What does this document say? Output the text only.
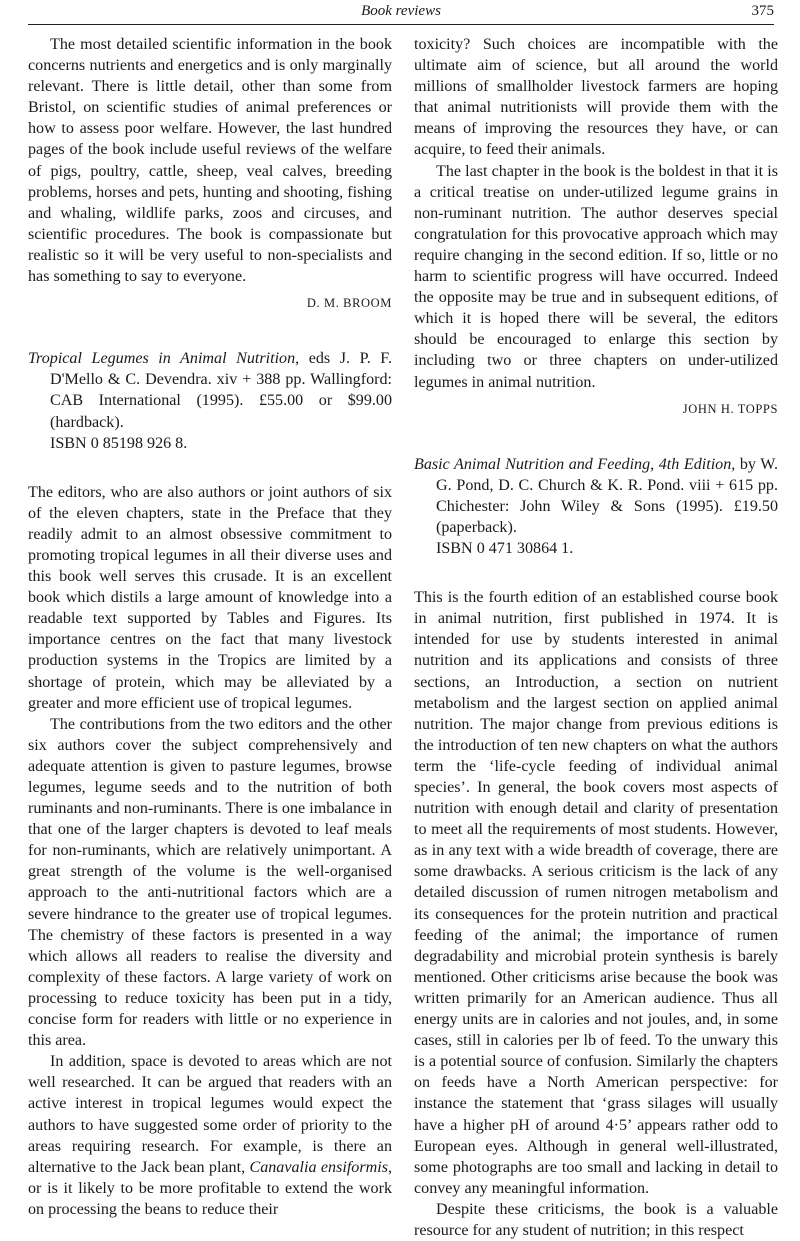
Book reviews	375

The most detailed scientific information in the book concerns nutrients and energetics and is only marginally relevant. There is little detail, other than some from Bristol, on scientific studies of animal preferences or how to assess poor welfare. However, the last hundred pages of the book include useful reviews of the welfare of pigs, poultry, cattle, sheep, veal calves, breeding problems, horses and pets, hunting and shooting, fishing and whaling, wildlife parks, zoos and circuses, and scientific procedures. The book is compassionate but realistic so it will be very useful to non-specialists and has something to say to everyone.

D. M. BROOM

Tropical Legumes in Animal Nutrition, eds J. P. F. D'Mello & C. Devendra. xiv + 388 pp. Wallingford: CAB International (1995). £55.00 or $99.00 (hardback).
ISBN 0 85198 926 8.

The editors, who are also authors or joint authors of six of the eleven chapters, state in the Preface that they readily admit to an almost obsessive commitment to promoting tropical legumes in all their diverse uses and this book well serves this crusade. It is an excellent book which distils a large amount of knowledge into a readable text supported by Tables and Figures. Its importance centres on the fact that many livestock production systems in the Tropics are limited by a shortage of protein, which may be alleviated by a greater and more efficient use of tropical legumes.

The contributions from the two editors and the other six authors cover the subject comprehensively and adequate attention is given to pasture legumes, browse legumes, legume seeds and to the nutrition of both ruminants and non-ruminants. There is one imbalance in that one of the larger chapters is devoted to leaf meals for non-ruminants, which are relatively unimportant. A great strength of the volume is the well-organised approach to the anti-nutritional factors which are a severe hindrance to the greater use of tropical legumes. The chemistry of these factors is presented in a way which allows all readers to realise the diversity and complexity of these factors. A large variety of work on processing to reduce toxicity has been put in a tidy, concise form for readers with little or no experience in this area.

In addition, space is devoted to areas which are not well researched. It can be argued that readers with an active interest in tropical legumes would expect the authors to have suggested some order of priority to the areas requiring research. For example, is there an alternative to the Jack bean plant, Canavalia ensiformis, or is it likely to be more profitable to extend the work on processing the beans to reduce their

toxicity? Such choices are incompatible with the ultimate aim of science, but all around the world millions of smallholder livestock farmers are hoping that animal nutritionists will provide them with the means of improving the resources they have, or can acquire, to feed their animals.

The last chapter in the book is the boldest in that it is a critical treatise on under-utilized legume grains in non-ruminant nutrition. The author deserves special congratulation for this provocative approach which may require changing in the second edition. If so, little or no harm to scientific progress will have occurred. Indeed the opposite may be true and in subsequent editions, of which it is hoped there will be several, the editors should be encouraged to enlarge this section by including two or three chapters on under-utilized legumes in animal nutrition.

JOHN H. TOPPS

Basic Animal Nutrition and Feeding, 4th Edition, by W. G. Pond, D. C. Church & K. R. Pond. viii + 615 pp. Chichester: John Wiley & Sons (1995). £19.50 (paperback).
ISBN 0 471 30864 1.

This is the fourth edition of an established course book in animal nutrition, first published in 1974. It is intended for use by students interested in animal nutrition and its applications and consists of three sections, an Introduction, a section on nutrient metabolism and the largest section on applied animal nutrition. The major change from previous editions is the introduction of ten new chapters on what the authors term the ‘life-cycle feeding of individual animal species’. In general, the book covers most aspects of nutrition with enough detail and clarity of presentation to meet all the requirements of most students. However, as in any text with a wide breadth of coverage, there are some drawbacks. A serious criticism is the lack of any detailed discussion of rumen nitrogen metabolism and its consequences for the protein nutrition and practical feeding of the animal; the importance of rumen degradability and microbial protein synthesis is barely mentioned. Other criticisms arise because the book was written primarily for an American audience. Thus all energy units are in calories and not joules, and, in some cases, still in calories per lb of feed. To the unwary this is a potential source of confusion. Similarly the chapters on feeds have a North American perspective: for instance the statement that ‘grass silages will usually have a higher pH of around 4·5’ appears rather odd to European eyes. Although in general well-illustrated, some photographs are too small and lacking in detail to convey any meaningful information.

Despite these criticisms, the book is a valuable resource for any student of nutrition; in this respect
